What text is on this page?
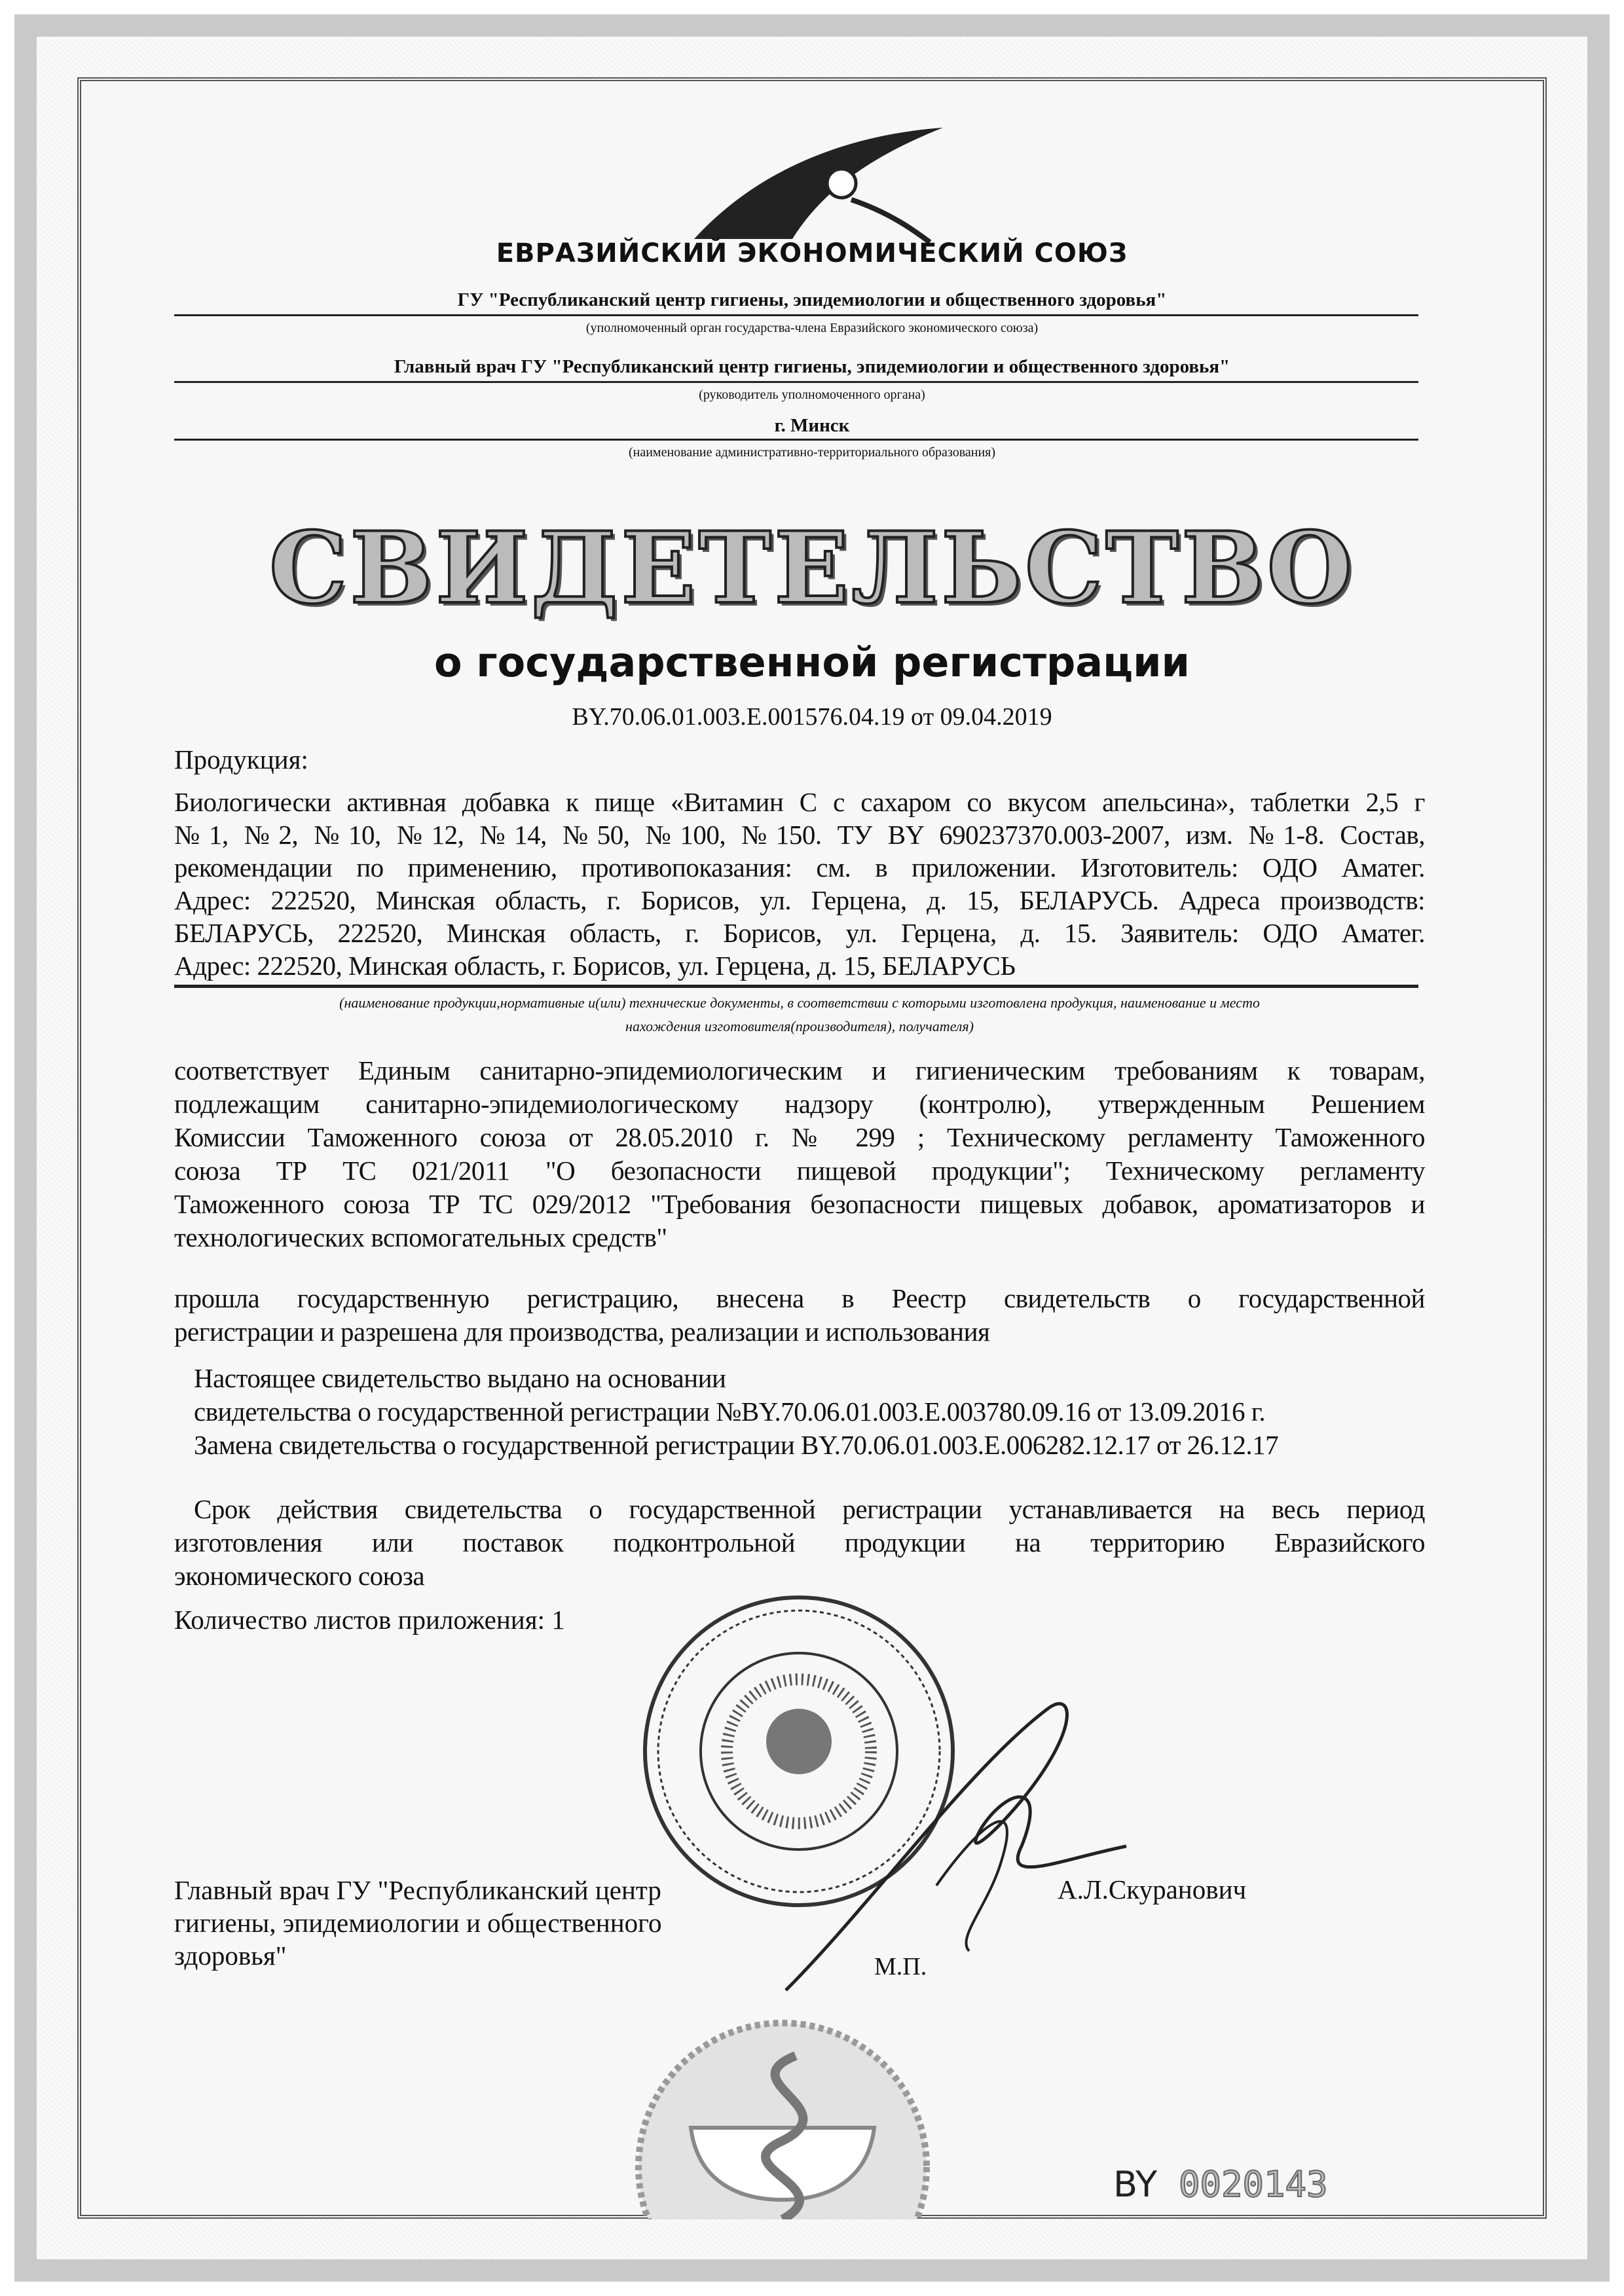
ЕВРАЗИЙСКИЙ ЭКОНОМИЧЕСКИЙ СОЮЗ
ГУ "Республиканский центр гигиены, эпидемиологии и общественного здоровья"
(уполномоченный орган государства-члена Евразийского экономического союза)
Главный врач ГУ "Республиканский центр гигиены, эпидемиологии и общественного здоровья"
(руководитель уполномоченного органа)
г. Минск
(наименование административно-территориального образования)
СВИДЕТЕЛЬСТВО
о государственной регистрации
BY.70.06.01.003.E.001576.04.19 от 09.04.2019
Продукция:
Биологически активная добавка к пище «Витамин С с сахаром со вкусом апельсина», таблетки 2,5 г
№1, №2, №10, №12, №14, №50, №100, №150. ТУ BY 690237370.003-2007, изм. №1-8. Состав,
рекомендации по применению, противопоказания: см. в приложении. Изготовитель: ОДО Аматег.
Адрес: 222520, Минская область, г. Борисов, ул. Герцена, д. 15, БЕЛАРУСЬ. Адреса производств:
БЕЛАРУСЬ, 222520, Минская область, г. Борисов, ул. Герцена, д. 15. Заявитель: ОДО Аматег.
Адрес: 222520, Минская область, г. Борисов, ул. Герцена, д. 15, БЕЛАРУСЬ
(наименование продукции,нормативные и(или) технические документы, в соответствии с которыми изготовлена продукция, наименование и место
нахождения изготовителя(производителя), получателя)
соответствует Единым санитарно-эпидемиологическим и гигиеническим требованиям к товарам,
подлежащим санитарно-эпидемиологическому надзору (контролю), утвержденным Решением
Комиссии Таможенного союза от 28.05.2010 г. № 299 ; Техническому регламенту Таможенного
союза ТР ТС 021/2011 "О безопасности пищевой продукции"; Техническому регламенту
Таможенного союза ТР ТС 029/2012 "Требования безопасности пищевых добавок, ароматизаторов и
технологических вспомогательных средств"
прошла государственную регистрацию, внесена в Реестр свидетельств о государственной
регистрации и разрешена для производства, реализации и использования
Настоящее свидетельство выдано на основании
свидетельства о государственной регистрации №BY.70.06.01.003.E.003780.09.16 от 13.09.2016 г.
Замена свидетельства о государственной регистрации BY.70.06.01.003.E.006282.12.17 от 26.12.17
Срок действия свидетельства о государственной регистрации устанавливается на весь период
изготовления или поставок подконтрольной продукции на территорию Евразийского
экономического союза
Количество листов приложения: 1
Главный врач ГУ "Республиканский центр
гигиены, эпидемиологии и общественного
здоровья"
А.Л.Скуранович
М.П.
BY 0020143
